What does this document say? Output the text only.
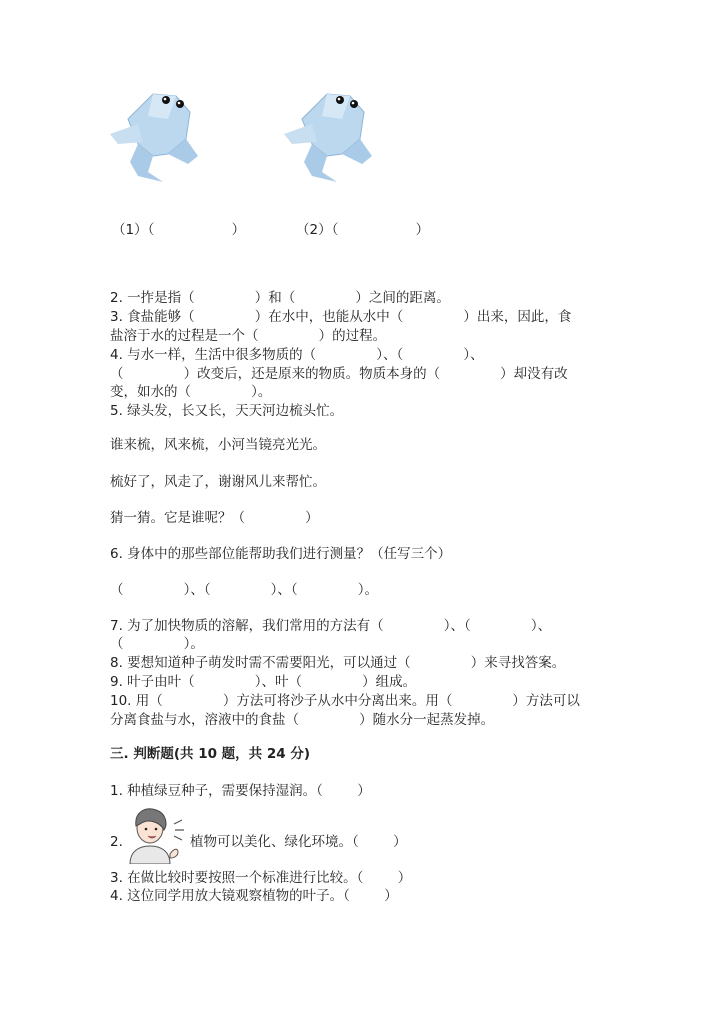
（1）（                  ）	（2）（                  ）
2. 一拃是指（              ）和（              ）之间的距离。
3. 食盐能够（              ）在水中，也能从水中（              ）出来，因此，食
盐溶于水的过程是一个（              ）的过程。
4. 与水一样，生活中很多物质的（              ）、（              ）、
（              ）改变后，还是原来的物质。物质本身的（              ）却没有改
变，如水的（              ）。
5. 绿头发，长又长，天天河边梳头忙。
谁来梳，风来梳，小河当镜亮光光。
梳好了，风走了，谢谢风儿来帮忙。
猜一猜。它是谁呢？（              ）
6. 身体中的那些部位能帮助我们进行测量？（任写三个）
（              ）、（              ）、（              ）。
7. 为了加快物质的溶解，我们常用的方法有（              ）、（              ）、
（              ）。
8. 要想知道种子萌发时需不需要阳光，可以通过（              ）来寻找答案。
9. 叶子由叶（              ）、叶（              ）组成。
10. 用（              ）方法可将沙子从水中分离出来。用（              ）方法可以
分离食盐与水，溶液中的食盐（              ）随水分一起蒸发掉。
三. 判断题(共 10 题，共 24 分)
1. 种植绿豆种子，需要保持湿润。（        ）
2.	植物可以美化、绿化环境。（        ）
3. 在做比较时要按照一个标准进行比较。（        ）
4. 这位同学用放大镜观察植物的叶子。（        ）
